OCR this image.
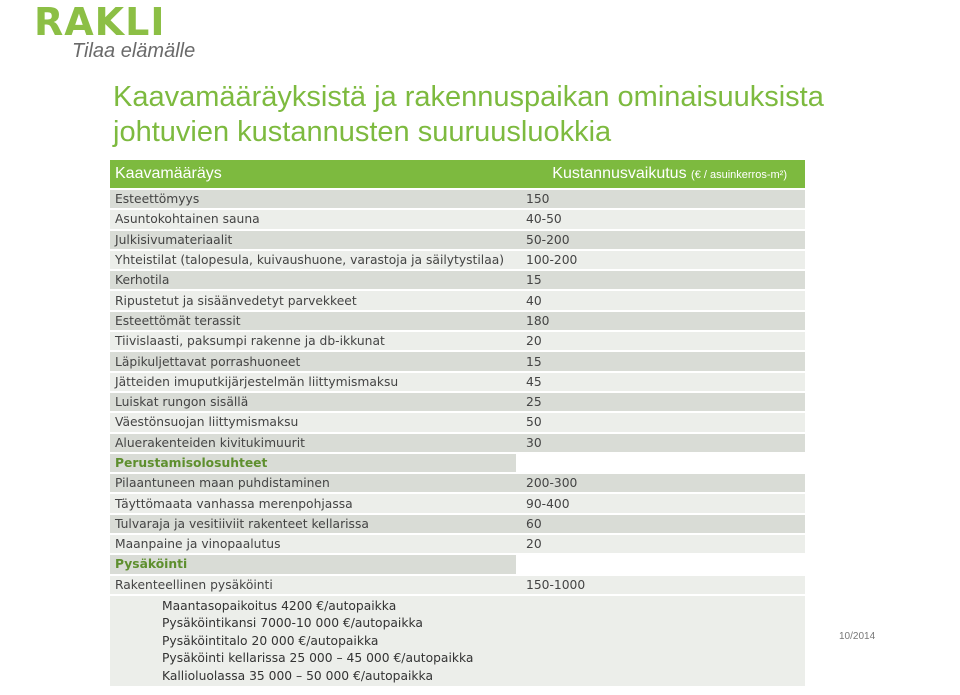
RAKLI
Tilaa elämälle
Kaavamääräyksistä ja rakennuspaikan ominaisuuksista
johtuvien kustannusten suuruusluokkia
Kaavamääräys	Kustannusvaikutus (€ / asuinkerros-m²)
Esteettömyys	150
Asuntokohtainen sauna	40-50
Julkisivumateriaalit	50-200
Yhteistilat (talopesula, kuivaushuone, varastoja ja säilytystilaa)	100-200
Kerhotila	15
Ripustetut ja sisäänvedetyt parvekkeet	40
Esteettömät terassit	180
Tiivislaasti, paksumpi rakenne ja db-ikkunat	20
Läpikuljettavat porrashuoneet	15
Jätteiden imuputkijärjestelmän liittymismaksu	45
Luiskat rungon sisällä	25
Väestönsuojan liittymismaksu	50
Aluerakenteiden kivitukimuurit	30
Perustamisolosuhteet	
Pilaantuneen maan puhdistaminen	200-300
Täyttömaata vanhassa merenpohjassa	90-400
Tulvaraja ja vesitiiviit rakenteet kellarissa	60
Maanpaine ja vinopaalutus	20
Pysäköinti	
Rakenteellinen pysäköinti	150-1000

Maantasopaikoitus 4200 €/autopaikka
Pysäköintikansi 7000-10 000 €/autopaikka
Pysäköintitalo 20 000 €/autopaikka
Pysäköinti kellarissa 25 000 – 45 000 €/autopaikka
Kallioluolassa 35 000 – 50 000 €/autopaikka	
10/2014
